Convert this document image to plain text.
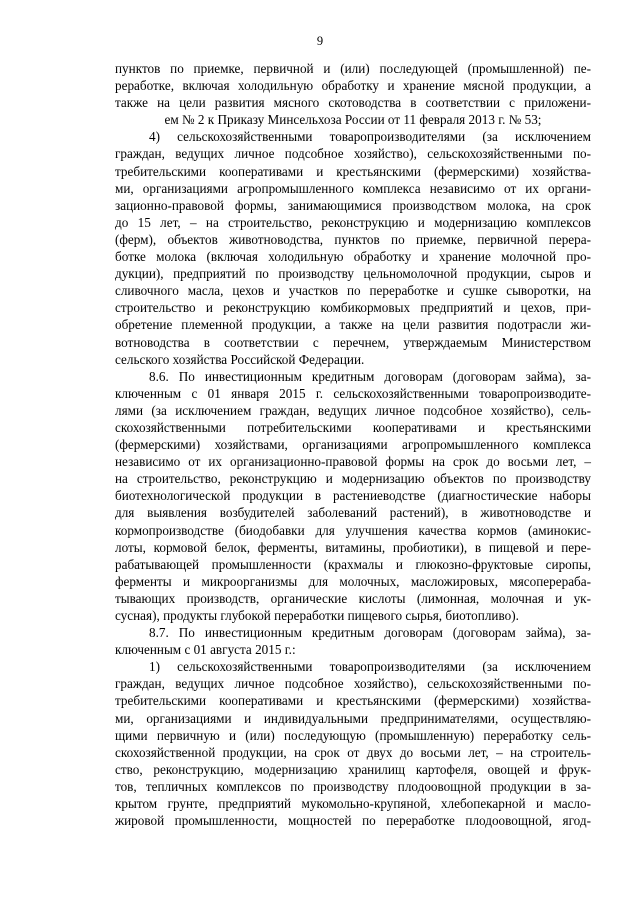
9
пунктов по приемке, первичной и (или) последующей (промышленной) пе-
реработке, включая холодильную обработку и хранение мясной продукции, а
также на цели развития мясного скотоводства в соответствии с приложени-
ем № 2 к Приказу Минсельхоза России от 11 февраля 2013 г. № 53;
4) сельскохозяйственными товаропроизводителями (за исключением
граждан, ведущих личное подсобное хозяйство), сельскохозяйственными по-
требительскими кооперативами и крестьянскими (фермерскими) хозяйства-
ми, организациями агропромышленного комплекса независимо от их органи-
зационно-правовой формы, занимающимися производством молока, на срок
до 15 лет, – на строительство, реконструкцию и модернизацию комплексов
(ферм), объектов животноводства, пунктов по приемке, первичной перера-
ботке молока (включая холодильную обработку и хранение молочной про-
дукции), предприятий по производству цельномолочной продукции, сыров и
сливочного масла, цехов и участков по переработке и сушке сыворотки, на
строительство и реконструкцию комбикормовых предприятий и цехов, при-
обретение племенной продукции, а также на цели развития подотрасли жи-
вотноводства в соответствии с перечнем, утверждаемым Министерством
сельского хозяйства Российской Федерации.
8.6. По инвестиционным кредитным договорам (договорам займа), за-
ключенным с 01 января 2015 г. сельскохозяйственными товаропроизводите-
лями (за исключением граждан, ведущих личное подсобное хозяйство), сель-
скохозяйственными потребительскими кооперативами и крестьянскими
(фермерскими) хозяйствами, организациями агропромышленного комплекса
независимо от их организационно-правовой формы на срок до восьми лет, –
на строительство, реконструкцию и модернизацию объектов по производству
биотехнологической продукции в растениеводстве (диагностические наборы
для выявления возбудителей заболеваний растений), в животноводстве и
кормопроизводстве (биодобавки для улучшения качества кормов (аминокис-
лоты, кормовой белок, ферменты, витамины, пробиотики), в пищевой и пере-
рабатывающей промышленности (крахмалы и глюкозно-фруктовые сиропы,
ферменты и микроорганизмы для молочных, масложировых, мясоперераба-
тывающих производств, органические кислоты (лимонная, молочная и ук-
сусная), продукты глубокой переработки пищевого сырья, биотопливо).
8.7. По инвестиционным кредитным договорам (договорам займа), за-
ключенным с 01 августа 2015 г.:
1) сельскохозяйственными товаропроизводителями (за исключением
граждан, ведущих личное подсобное хозяйство), сельскохозяйственными по-
требительскими кооперативами и крестьянскими (фермерскими) хозяйства-
ми, организациями и индивидуальными предпринимателями, осуществляю-
щими первичную и (или) последующую (промышленную) переработку сель-
скохозяйственной продукции, на срок от двух до восьми лет, – на строитель-
ство, реконструкцию, модернизацию хранилищ картофеля, овощей и фрук-
тов, тепличных комплексов по производству плодоовощной продукции в за-
крытом грунте, предприятий мукомольно-крупяной, хлебопекарной и масло-
жировой промышленности, мощностей по переработке плодоовощной, ягод-
